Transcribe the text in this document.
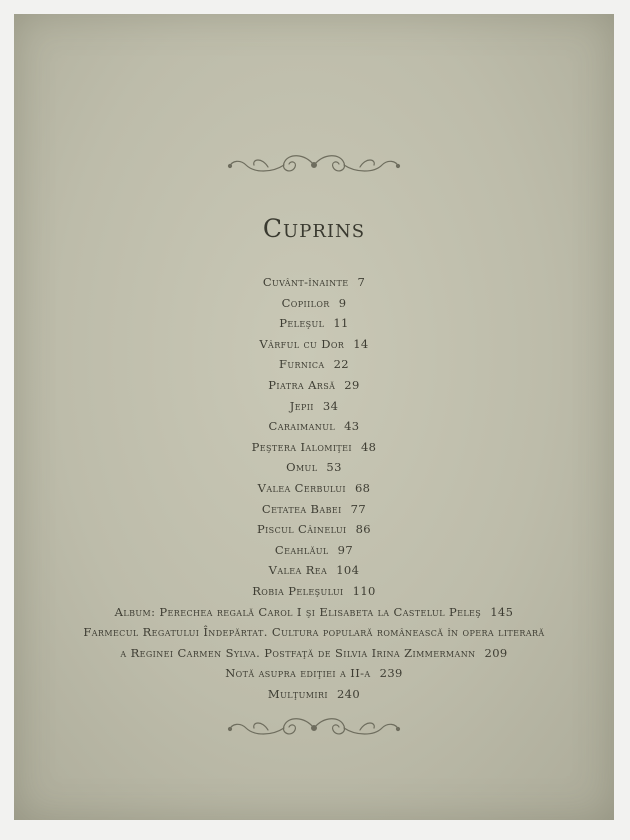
Cuprins
Cuvânt-înainte 7
Copiilor 9
Peleşul 11
Vârful cu Dor 14
Furnica 22
Piatra Arsă 29
Jepii 34
Caraimanul 43
Peştera Ialomiţei 48
Omul 53
Valea Cerbului 68
Cetatea Babei 77
Piscul Câinelui 86
Ceahlăul 97
Valea Rea 104
Robia Peleşului 110
Album: Perechea regală Carol I şi Elisabeta la Castelul Peleş 145
Farmecul Regatului Îndepărtat. Cultura populară românească în opera literară
a Reginei Carmen Sylva. Postfaţă de Silvia Irina Zimmermann 209
Notă asupra ediţiei a II-a 239
Mulţumiri 240
